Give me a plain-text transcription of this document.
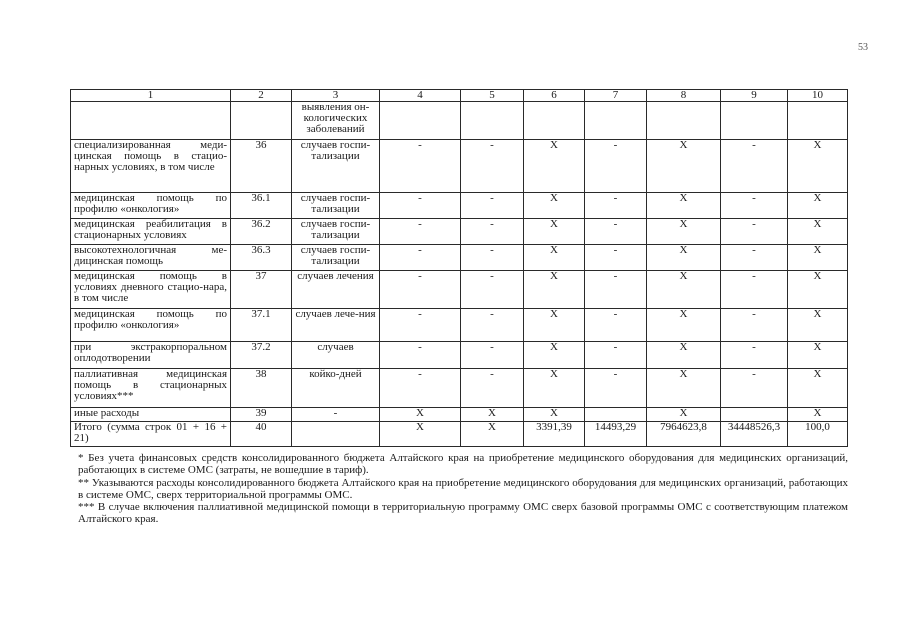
53
1	2	3	4	5	6	7	8	9	10
		выявления он-кологических заболеваний							
специализированная меди-цинская помощь в стацио-нарных условиях, в том числе	36	случаев госпи-тализации	-	-	X	-	X	-	X
медицинская помощь по профилю «онкология»	36.1	случаев госпи-тализации	-	-	X	-	X	-	X
медицинская реабилитация в стационарных условиях	36.2	случаев госпи-тализации	-	-	X	-	X	-	X
высокотехнологичная ме-дицинская помощь	36.3	случаев госпи-тализации	-	-	X	-	X	-	X
медицинская помощь в условиях дневного стацио-нара, в том числе	37	случаев лечения	-	-	X	-	X	-	X
медицинская помощь по профилю «онкология»	37.1	случаев лече-ния	-	-	X	-	X	-	X
при экстракорпоральном оплодотворении	37.2	случаев	-	-	X	-	X	-	X
паллиативная медицинская помощь в стационарных условиях***	38	койко-дней	-	-	X	-	X	-	X
иные расходы	39	-	X	X	X		X		X
Итого (сумма строк 01 + 16 + 21)	40		X	X	3391,39	14493,29	7964623,8	34448526,3	100,0

* Без учета финансовых средств консолидированного бюджета Алтайского края на приобретение медицинского оборудования для медицинских организаций, работающих в системе ОМС (затраты, не вошедшие в тариф).

** Указываются расходы консолидированного бюджета Алтайского края на приобретение медицинского оборудования для медицинских организаций, работающих в системе ОМС, сверх территориальной программы ОМС.

*** В случае включения паллиативной медицинской помощи в территориальную программу ОМС сверх базовой программы ОМС с соответствующим платежом Алтайского края.
